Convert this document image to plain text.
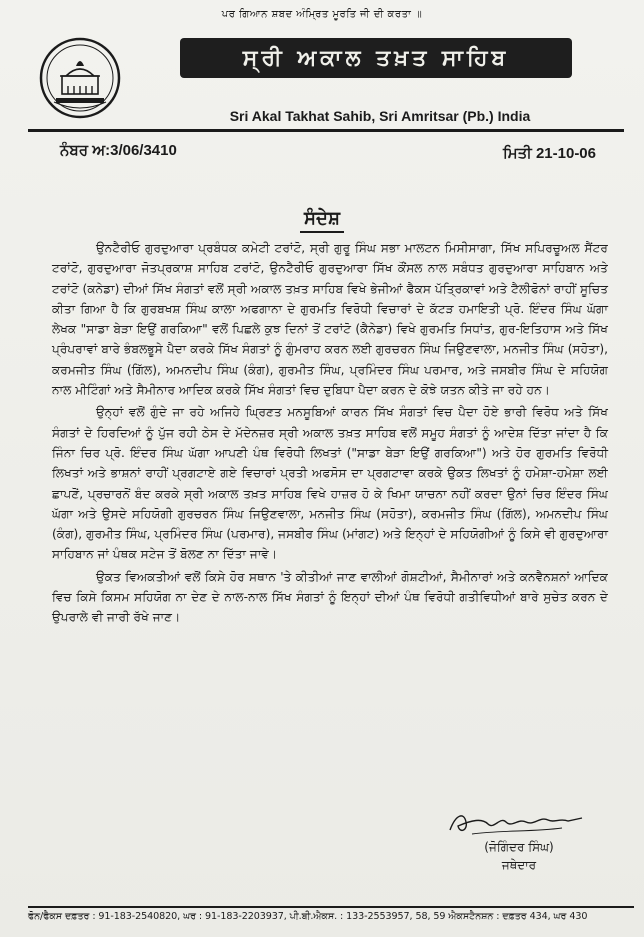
ਪਰ ਗਿਆਨ ਸ਼ਬਦ ਅੰਮ੍ਰਿਤ ਮੂਰਤਿ ਜੀ ਦੀ ਕਰਤਾ ॥
ਸ੍ਰੀ ਅਕਾਲ ਤਖ਼ਤ ਸਾਹਿਬ
Sri Akal Takhat Sahib, Sri Amritsar (Pb.) India
ਨੰਬਰ ਅ:3/06/3410	ਮਿਤੀ 21-10-06
ਸੰਦੇਸ਼

ਉਨਟੈਰੀਓ ਗੁਰਦੁਆਰਾ ਪ੍ਰਬੰਧਕ ਕਮੇਟੀ ਟਰਾਂਟੋ, ਸ੍ਰੀ ਗੁਰੂ ਸਿੰਘ ਸਭਾ ਮਾਲਟਨ ਮਿਸੀਸਾਗਾ, ਸਿੱਖ ਸਪਿਰਚੂਅਲ ਸੈਂਟਰ ਟਰਾਂਟੋ, ਗੁਰਦੁਆਰਾ ਜੋਤਪ੍ਰਕਾਸ਼ ਸਾਹਿਬ ਟਰਾਂਟੋ, ਉਨਟੈਰੀਓ ਗੁਰਦੁਆਰਾ ਸਿੱਖ ਕੌਂਸਲ ਨਾਲ ਸਬੰਧਤ ਗੁਰਦੁਆਰਾ ਸਾਹਿਬਾਨ ਅਤੇ ਟਰਾਂਟੋ (ਕਨੇਡਾ) ਦੀਆਂ ਸਿੱਖ ਸੰਗਤਾਂ ਵਲੋਂ ਸ੍ਰੀ ਅਕਾਲ ਤਖ਼ਤ ਸਾਹਿਬ ਵਿਖੇ ਭੇਜੀਆਂ ਫੈਕਸ ਪੱਤ੍ਰਿਕਾਵਾਂ ਅਤੇ ਟੈਲੀਫੋਨਾਂ ਰਾਹੀਂ ਸੂਚਿਤ ਕੀਤਾ ਗਿਆ ਹੈ ਕਿ ਗੁਰਬਖਸ਼ ਸਿੰਘ ਕਾਲਾ ਅਫਗਾਨਾ ਦੇ ਗੁਰਮਤਿ ਵਿਰੋਧੀ ਵਿਚਾਰਾਂ ਦੇ ਕੱਟੜ ਹਮਾਇਤੀ ਪ੍ਰੋ. ਇੰਦਰ ਸਿੰਘ ਘੱਗਾ ਲੇਖਕ "ਸਾਡਾ ਬੇੜਾ ਇਉਂ ਗਰਕਿਆ" ਵਲੋਂ ਪਿਛਲੇ ਕੁਝ ਦਿਨਾਂ ਤੋਂ ਟਰਾਂਟੋ (ਕੈਨੇਡਾ) ਵਿਖੇ ਗੁਰਮਤਿ ਸਿਧਾਂਤ, ਗੁਰ-ਇਤਿਹਾਸ ਅਤੇ ਸਿੱਖ ਪ੍ਰੰਪਰਾਵਾਂ ਬਾਰੇ ਭੰਬਲਭੂਸੇ ਪੈਦਾ ਕਰਕੇ ਸਿੱਖ ਸੰਗਤਾਂ ਨੂੰ ਗੁੰਮਰਾਹ ਕਰਨ ਲਈ ਗੁਰਚਰਨ ਸਿੰਘ ਜਿਉਣਵਾਲਾ, ਮਨਜੀਤ ਸਿੰਘ (ਸਹੋਤਾ), ਕਰਮਜੀਤ ਸਿੰਘ (ਗਿੱਲ), ਅਮਨਦੀਪ ਸਿੰਘ (ਕੰਗ), ਗੁਰਮੀਤ ਸਿੰਘ, ਪ੍ਰਮਿੰਦਰ ਸਿੰਘ ਪਰਮਾਰ, ਅਤੇ ਜਸਬੀਰ ਸਿੰਘ ਦੇ ਸਹਿਯੋਗ ਨਾਲ ਮੀਟਿੰਗਾਂ ਅਤੇ ਸੈਮੀਨਾਰ ਆਦਿਕ ਕਰਕੇ ਸਿੱਖ ਸੰਗਤਾਂ ਵਿਚ ਦੁਬਿਧਾ ਪੈਦਾ ਕਰਨ ਦੇ ਕੋਝੇ ਯਤਨ ਕੀਤੇ ਜਾ ਰਹੇ ਹਨ।

ਉਨ੍ਹਾਂ ਵਲੋਂ ਗੁੰਦੇ ਜਾ ਰਹੇ ਅਜਿਹੇ ਘ੍ਰਿਣਤ ਮਨਸੂਬਿਆਂ ਕਾਰਨ ਸਿੱਖ ਸੰਗਤਾਂ ਵਿਚ ਪੈਦਾ ਹੋਏ ਭਾਰੀ ਵਿਰੋਧ ਅਤੇ ਸਿੱਖ ਸੰਗਤਾਂ ਦੇ ਹਿਰਦਿਆਂ ਨੂੰ ਪੁੱਜ ਰਹੀ ਠੇਸ ਦੇ ਮੱਦੇਨਜ਼ਰ ਸ੍ਰੀ ਅਕਾਲ ਤਖ਼ਤ ਸਾਹਿਬ ਵਲੋਂ ਸਮੂਹ ਸੰਗਤਾਂ ਨੂੰ ਆਦੇਸ਼ ਦਿੱਤਾ ਜਾਂਦਾ ਹੈ ਕਿ ਜਿੰਨਾ ਚਿਰ ਪ੍ਰੋ. ਇੰਦਰ ਸਿੰਘ ਘੱਗਾ ਆਪਣੀ ਪੰਥ ਵਿਰੋਧੀ ਲਿਖਤਾਂ ("ਸਾਡਾ ਬੇੜਾ ਇਉਂ ਗਰਕਿਆ") ਅਤੇ ਹੋਰ ਗੁਰਮਤਿ ਵਿਰੋਧੀ ਲਿਖਤਾਂ ਅਤੇ ਭਾਸ਼ਨਾਂ ਰਾਹੀਂ ਪ੍ਰਗਟਾਏ ਗਏ ਵਿਚਾਰਾਂ ਪ੍ਰਤੀ ਅਫਸੋਸ ਦਾ ਪ੍ਰਗਟਾਵਾ ਕਰਕੇ ਉਕਤ ਲਿਖਤਾਂ ਨੂੰ ਹਮੇਸ਼ਾ-ਹਮੇਸ਼ਾ ਲਈ ਛਾਪਣੋਂ, ਪ੍ਰਚਾਰਨੋਂ ਬੰਦ ਕਰਕੇ ਸ੍ਰੀ ਅਕਾਲ ਤਖ਼ਤ ਸਾਹਿਬ ਵਿਖੇ ਹਾਜ਼ਰ ਹੋ ਕੇ ਖਿਮਾ ਯਾਚਨਾ ਨਹੀਂ ਕਰਦਾ ਉਨਾਂ ਚਿਰ ਇੰਦਰ ਸਿੰਘ ਘੱਗਾ ਅਤੇ ਉਸਦੇ ਸਹਿਯੋਗੀ ਗੁਰਚਰਨ ਸਿੰਘ ਜਿਉਣਵਾਲਾ, ਮਨਜੀਤ ਸਿੰਘ (ਸਹੋਤਾ), ਕਰਮਜੀਤ ਸਿੰਘ (ਗਿੱਲ), ਅਮਨਦੀਪ ਸਿੰਘ (ਕੰਗ), ਗੁਰਮੀਤ ਸਿੰਘ, ਪ੍ਰਮਿੰਦਰ ਸਿੰਘ (ਪਰਮਾਰ), ਜਸਬੀਰ ਸਿੰਘ (ਮਾਂਗਟ) ਅਤੇ ਇਨ੍ਹਾਂ ਦੇ ਸਹਿਯੋਗੀਆਂ ਨੂੰ ਕਿਸੇ ਵੀ ਗੁਰਦੁਆਰਾ ਸਾਹਿਬਾਨ ਜਾਂ ਪੰਥਕ ਸਟੇਜ ਤੋਂ ਬੋਲਣ ਨਾ ਦਿੱਤਾ ਜਾਵੇ।

ਉਕਤ ਵਿਅਕਤੀਆਂ ਵਲੋਂ ਕਿਸੇ ਹੋਰ ਸਥਾਨ 'ਤੇ ਕੀਤੀਆਂ ਜਾਣ ਵਾਲੀਆਂ ਗੋਸ਼ਟੀਆਂ, ਸੈਮੀਨਾਰਾਂ ਅਤੇ ਕਨਵੈਨਸ਼ਨਾਂ ਆਦਿਕ ਵਿਚ ਕਿਸੇ ਕਿਸਮ ਸਹਿਯੋਗ ਨਾ ਦੇਣ ਦੇ ਨਾਲ-ਨਾਲ ਸਿੱਖ ਸੰਗਤਾਂ ਨੂੰ ਇਨ੍ਹਾਂ ਦੀਆਂ ਪੰਥ ਵਿਰੋਧੀ ਗਤੀਵਿਧੀਆਂ ਬਾਰੇ ਸੁਚੇਤ ਕਰਨ ਦੇ ਉਪਰਾਲੇ ਵੀ ਜਾਰੀ ਰੱਖੇ ਜਾਣ।

(ਜੋਗਿੰਦਰ ਸਿੰਘ)
ਜਥੇਦਾਰ
ਫੋਨ/ਫੈਕਸ ਦਫ਼ਤਰ : 91-183-2540820, ਘਰ : 91-183-2203937, ਪੀ.ਬੀ.ਐਕਸ. : 133-2553957, 58, 59 ਐਕਸਟੈਨਸ਼ਨ : ਦਫ਼ਤਰ 434, ਘਰ 430
